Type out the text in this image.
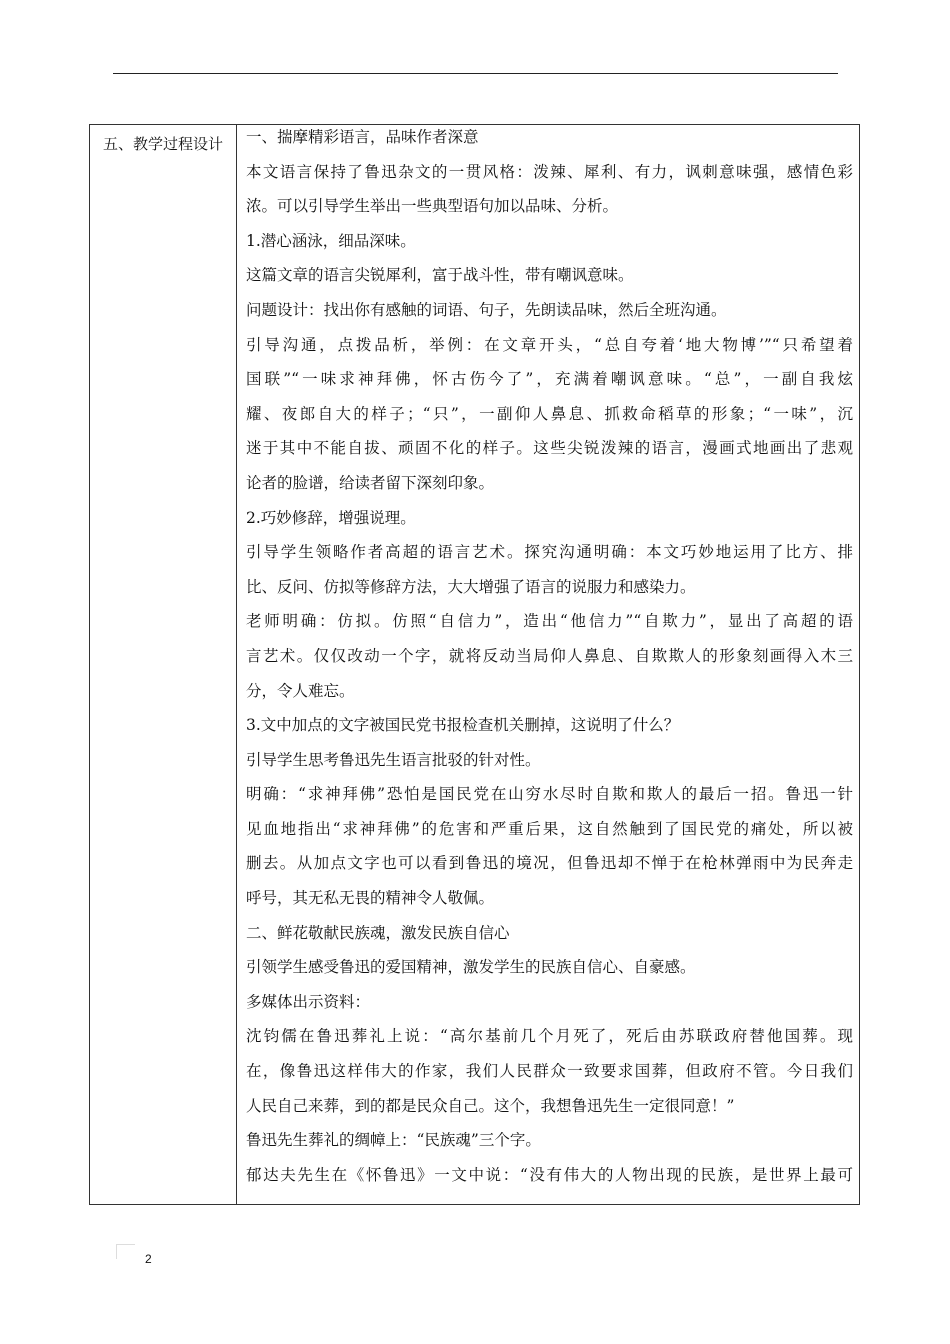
五、教学过程设计	一、揣摩精彩语言，品味作者深意
本文语言保持了鲁迅杂文的一贯风格：泼辣、犀利、有力，讽刺意味强，感情色彩
浓。可以引导学生举出一些典型语句加以品味、分析。
1.潜心涵泳，细品深味。
这篇文章的语言尖锐犀利，富于战斗性，带有嘲讽意味。
问题设计：找出你有感触的词语、句子，先朗读品味，然后全班沟通。
引导沟通，点拨品析，举例：在文章开头，“总自夸着‘地大物博’”“只希望着
国联”“一味求神拜佛，怀古伤今了”，充满着嘲讽意味。“总”，一副自我炫
耀、夜郎自大的样子；“只”，一副仰人鼻息、抓救命稻草的形象；“一味”，沉
迷于其中不能自拔、顽固不化的样子。这些尖锐泼辣的语言，漫画式地画出了悲观
论者的脸谱，给读者留下深刻印象。
2.巧妙修辞，增强说理。
引导学生领略作者高超的语言艺术。探究沟通明确：本文巧妙地运用了比方、排
比、反问、仿拟等修辞方法，大大增强了语言的说服力和感染力。
老师明确：仿拟。仿照“自信力”，造出“他信力”“自欺力”，显出了高超的语
言艺术。仅仅改动一个字，就将反动当局仰人鼻息、自欺欺人的形象刻画得入木三
分，令人难忘。
3.文中加点的文字被国民党书报检查机关删掉，这说明了什么？
引导学生思考鲁迅先生语言批驳的针对性。
明确：“求神拜佛”恐怕是国民党在山穷水尽时自欺和欺人的最后一招。鲁迅一针
见血地指出“求神拜佛”的危害和严重后果，这自然触到了国民党的痛处，所以被
删去。从加点文字也可以看到鲁迅的境况，但鲁迅却不惮于在枪林弹雨中为民奔走
呼号，其无私无畏的精神令人敬佩。
二、鲜花敬献民族魂，激发民族自信心
引领学生感受鲁迅的爱国精神，激发学生的民族自信心、自豪感。
多媒体出示资料：
沈钧儒在鲁迅葬礼上说：“高尔基前几个月死了，死后由苏联政府替他国葬。现
在，像鲁迅这样伟大的作家，我们人民群众一致要求国葬，但政府不管。今日我们
人民自己来葬，到的都是民众自己。这个，我想鲁迅先生一定很同意！”
鲁迅先生葬礼的绸幛上：“民族魂”三个字。
郁达夫先生在《怀鲁迅》一文中说：“没有伟大的人物出现的民族，是世界上最可
2
